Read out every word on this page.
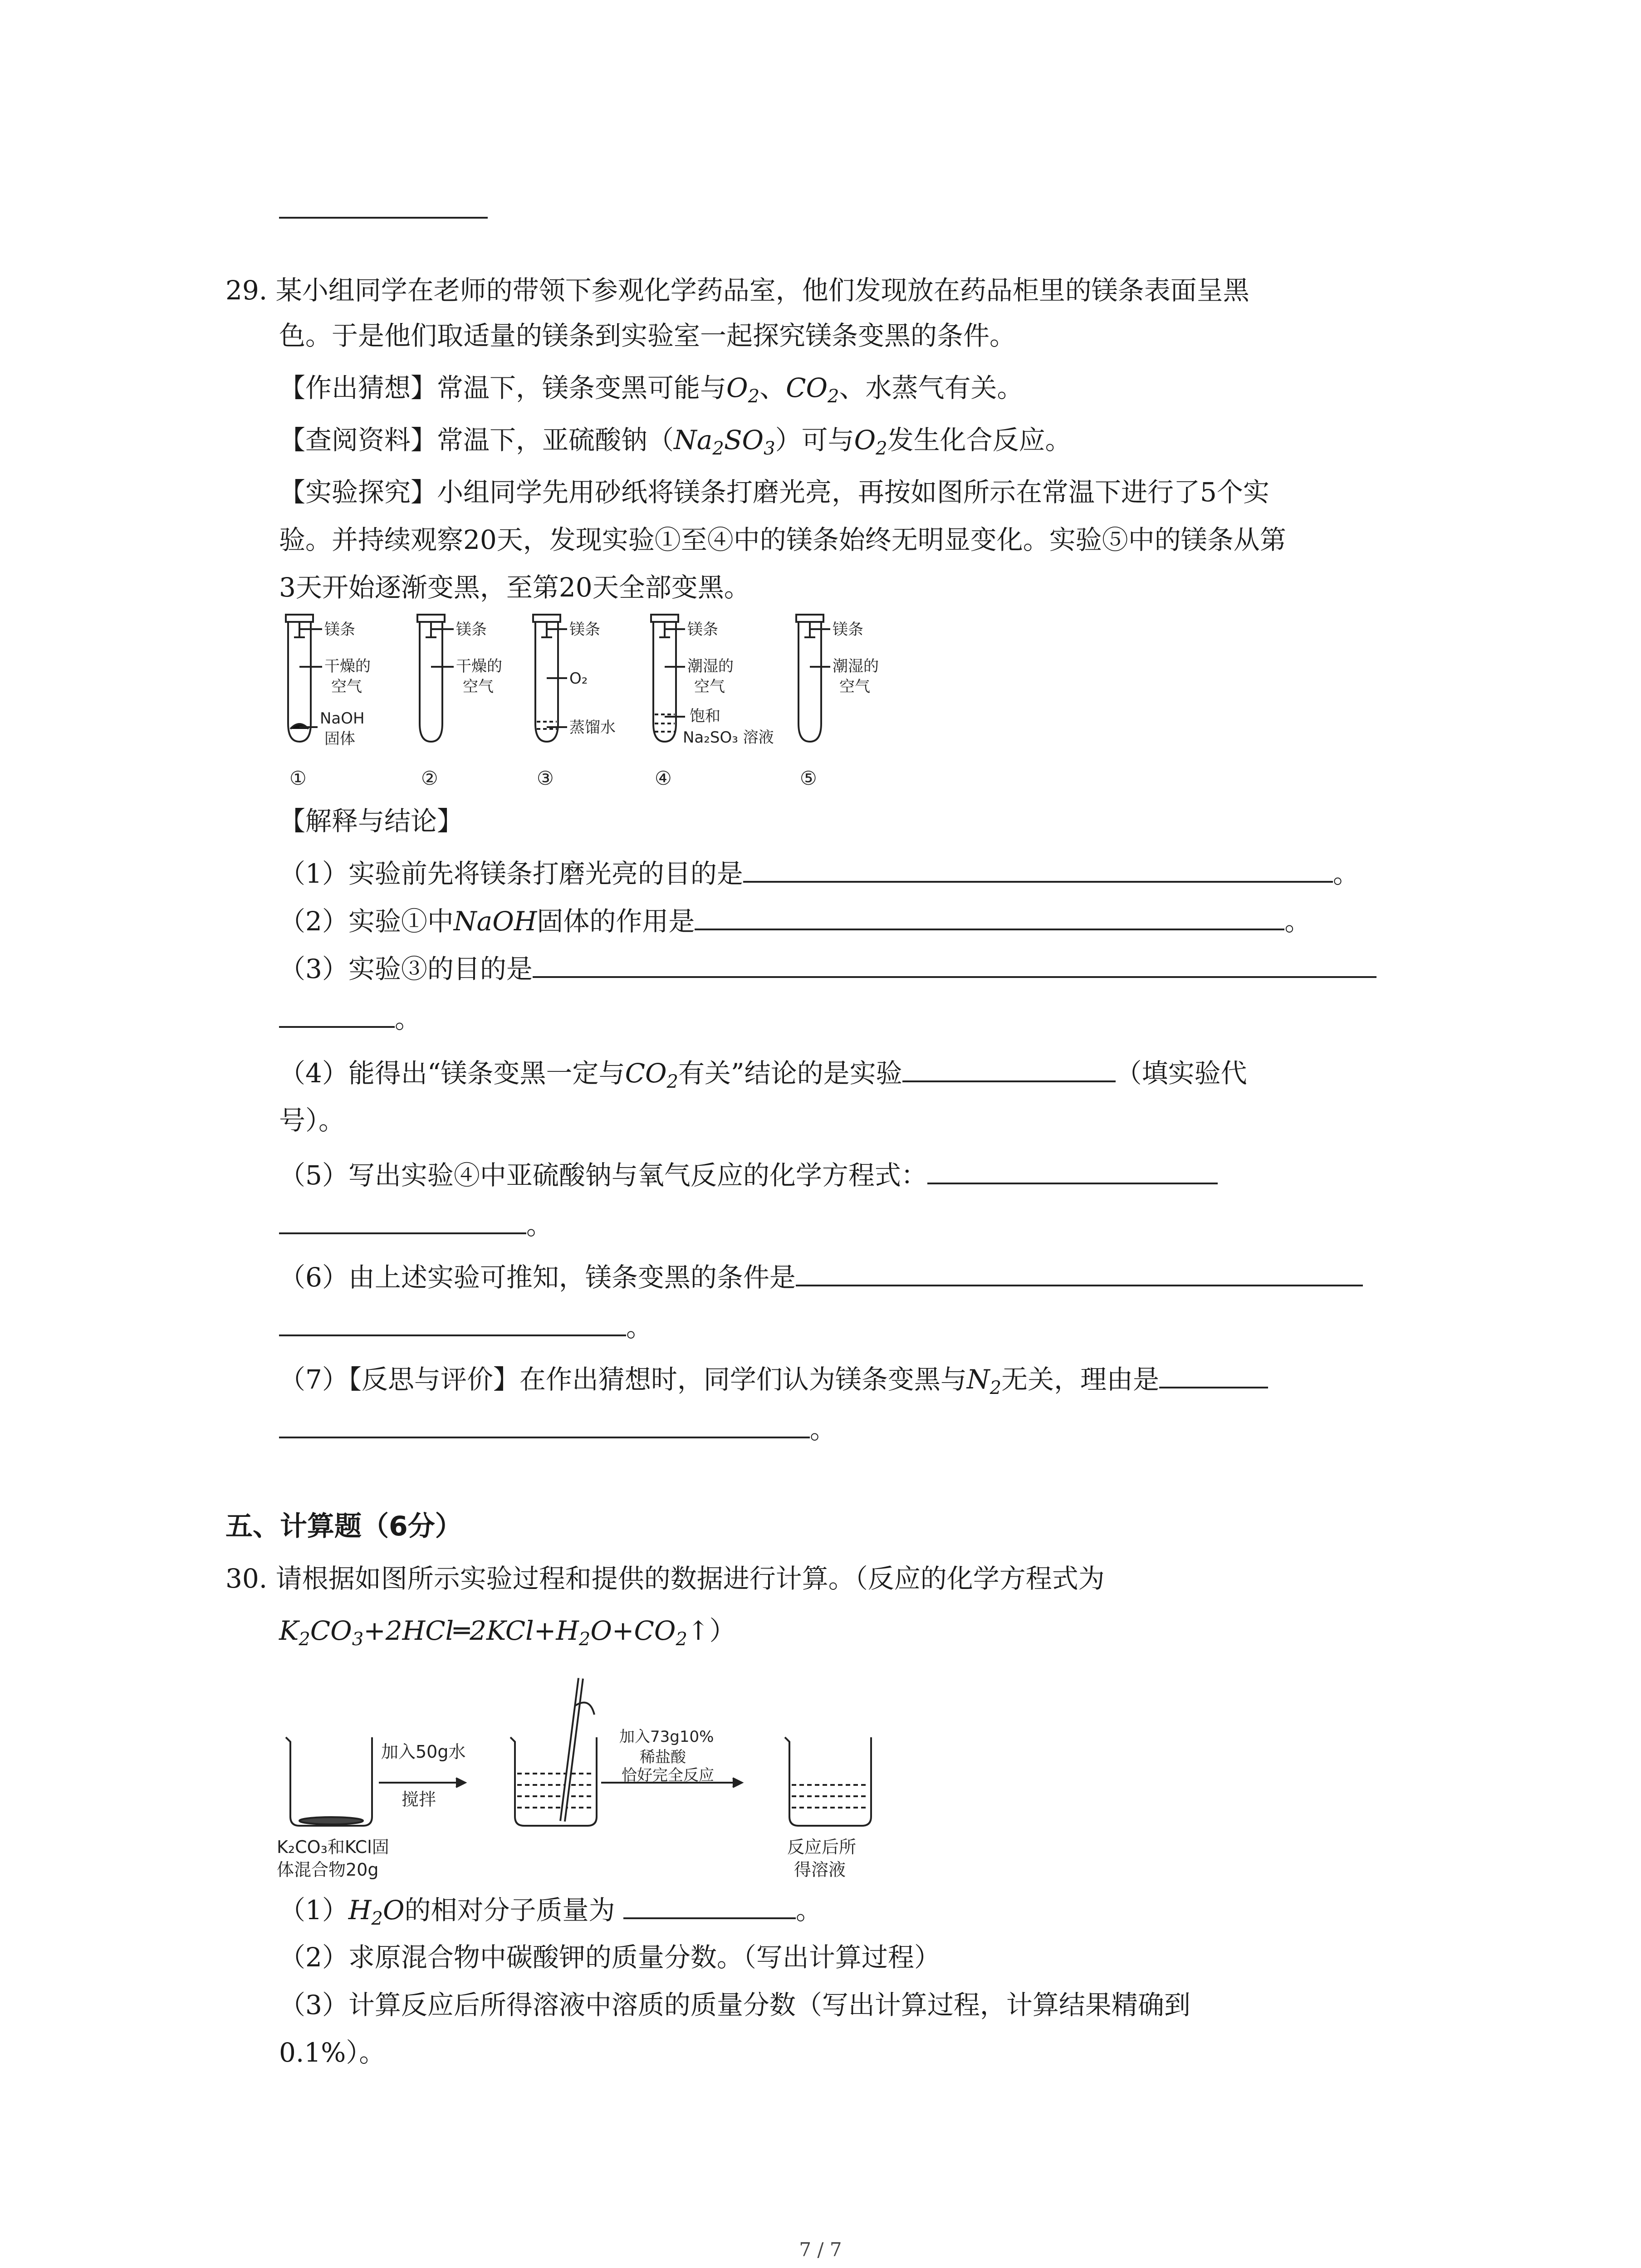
29. 某小组同学在老师的带领下参观化学药品室，他们发现放在药品柜里的镁条表面呈黑
色。于是他们取适量的镁条到实验室一起探究镁条变黑的条件。
【作出猜想】常温下，镁条变黑可能与$O_2$、$CO_2$、水蒸气有关。
【查阅资料】常温下，亚硫酸钠$(Na_2SO_3)$可与$O_2$发生化合反应。
【实验探究】小组同学先用砂纸将镁条打磨光亮，再按如图所示在常温下进行了5个实
验。并持续观察20天，发现实验①至④中的镁条始终无明显变化。实验⑤中的镁条从第
3天开始逐渐变黑，至第20天全部变黑。
镁条
干燥的
空气
NaOH
固体
①
镁条
干燥的
空气
②
镁条
O₂
蒸馏水
③
镁条
潮湿的
空气
饱和
Na₂SO₃ 溶液
④
镁条
潮湿的
空气
⑤
【解释与结论】
（1）实验前先将镁条打磨光亮的目的是	。
（2）实验①中NaOH固体的作用是	。
（3）实验③的目的是
。
（4）能得出“镁条变黑一定与$CO_2$有关”结论的是实验	（填实验代
号）。
（5）写出实验④中亚硫酸钠与氧气反应的化学方程式：
。
（6）由上述实验可推知，镁条变黑的条件是
。
（7）【反思与评价】在作出猜想时，同学们认为镁条变黑与$N_2$无关，理由是
。
五、计算题（6分）
30. 请根据如图所示实验过程和提供的数据进行计算。（反应的化学方程式为
$K_2CO_3+2HCl═2KCl+H_2O+CO_2↑$）
K₂CO₃和KCl固
体混合物20g
加入50g水
搅拌
加入73g10%
稀盐酸
恰好完全反应
反应后所
得溶液
$(1)H_2O$的相对分子质量为	。
（2）求原混合物中碳酸钾的质量分数。（写出计算过程）
（3）计算反应后所得溶液中溶质的质量分数（写出计算过程，计算结果精确到
0.1%）。
7 / 7
